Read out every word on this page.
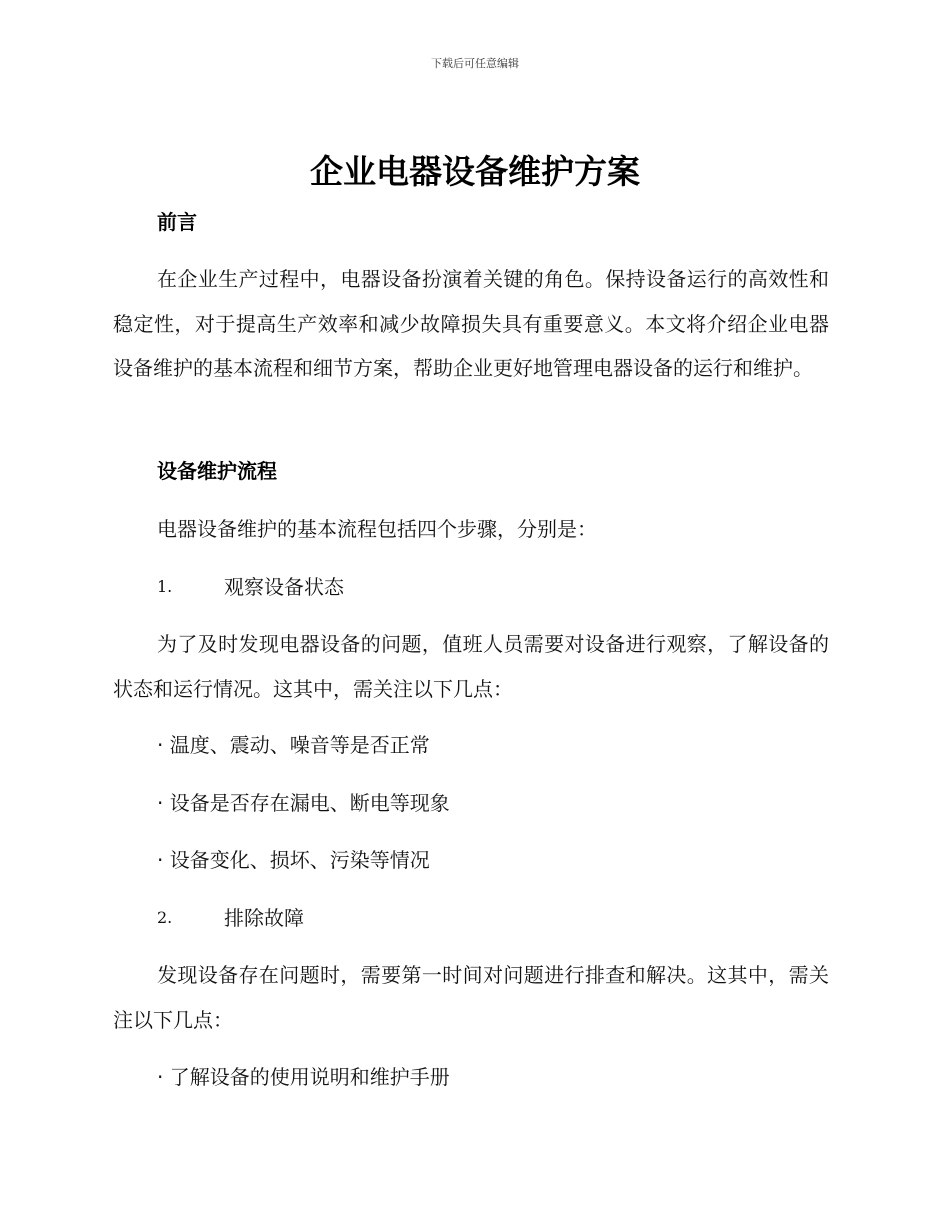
下载后可任意编辑
企业电器设备维护方案
前言
在企业生产过程中，电器设备扮演着关键的角色。保持设备运行的高效性和稳定性，对于提高生产效率和减少故障损失具有重要意义。本文将介绍企业电器设备维护的基本流程和细节方案，帮助企业更好地管理电器设备的运行和维护。
设备维护流程
电器设备维护的基本流程包括四个步骤，分别是：
1.	观察设备状态
为了及时发现电器设备的问题，值班人员需要对设备进行观察，了解设备的状态和运行情况。这其中，需关注以下几点：
· 温度、震动、噪音等是否正常
· 设备是否存在漏电、断电等现象
· 设备变化、损坏、污染等情况
2.	排除故障
发现设备存在问题时，需要第一时间对问题进行排查和解决。这其中，需关注以下几点：
· 了解设备的使用说明和维护手册
